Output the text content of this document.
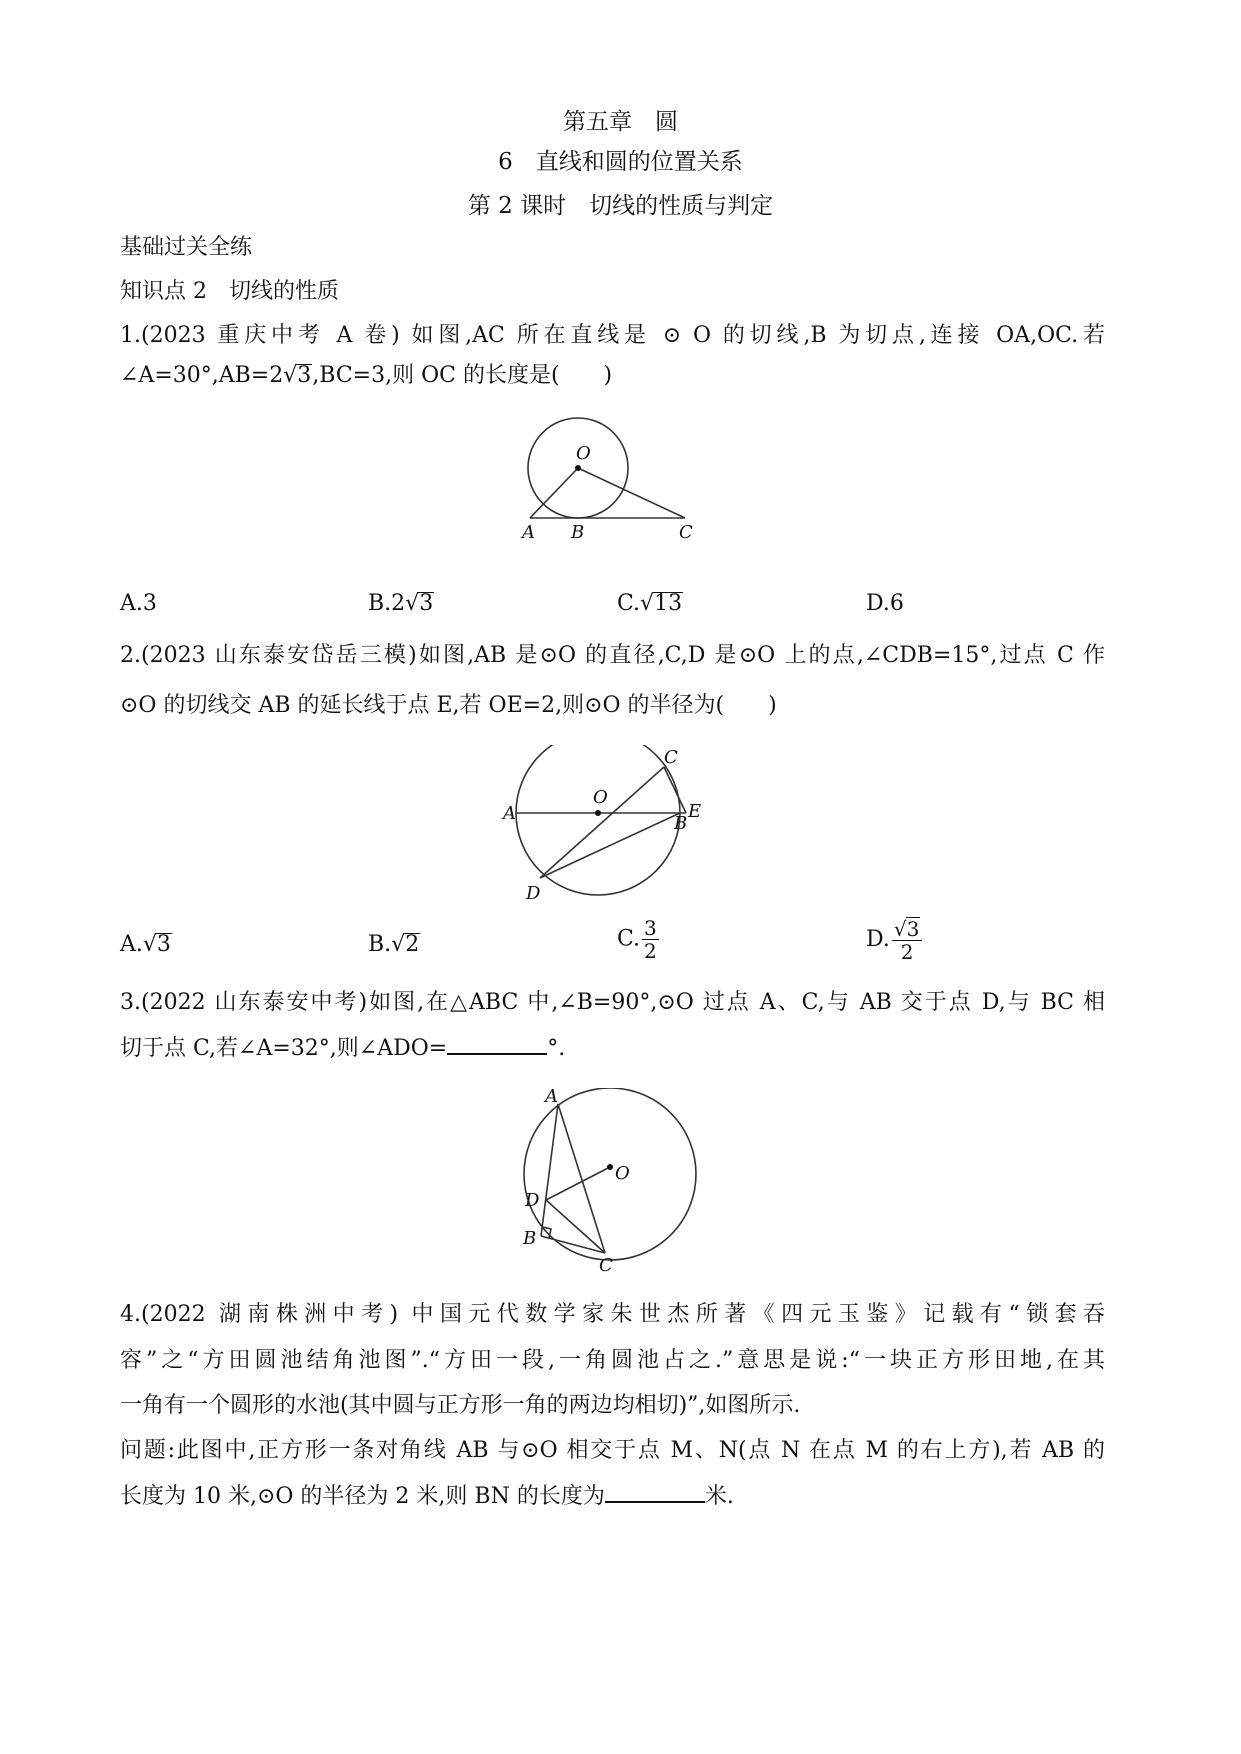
第五章　圆
6　直线和圆的位置关系
第 2 课时　切线的性质与判定
基础过关全练
知识点 2　切线的性质
1.(2023 重庆中考 A 卷) 如图,AC 所在直线是 ⊙ O 的切线,B 为切点,连接 OA,OC.若
∠A=30°,AB=2√3,BC=3,则 OC 的长度是(　　)
O
A B	C
A.3	B.2√3	C.√13	D.6
2.(2023 山东泰安岱岳三模)如图,AB 是⊙O 的直径,C,D 是⊙O 上的点,∠CDB=15°,过点 C 作
⊙O 的切线交 AB 的延长线于点 E,若 OE=2,则⊙O 的半径为(　　)
A
O
B
C
D
E
A.√3	B.√2	C. $\frac{3}{2}$	D. $\frac{√3}{2}$
3.(2022 山东泰安中考)如图,在△ABC 中,∠B=90°,⊙O 过点 A、C,与 AB 交于点 D,与 BC 相
切于点 C,若∠A=32°,则∠ADO=	°.
A
O
D
B
C
4.(2022 湖南株洲中考) 中国元代数学家朱世杰所著《四元玉鉴》记载有“锁套吞
容”之“方田圆池结角池图”.“方田一段,一角圆池占之.”意思是说:“一块正方形田地,在其
一角有一个圆形的水池(其中圆与正方形一角的两边均相切)”,如图所示.
问题:此图中,正方形一条对角线 AB 与⊙O 相交于点 M、N(点 N 在点 M 的右上方),若 AB 的
长度为 10 米,⊙O 的半径为 2 米,则 BN 的长度为	米.
